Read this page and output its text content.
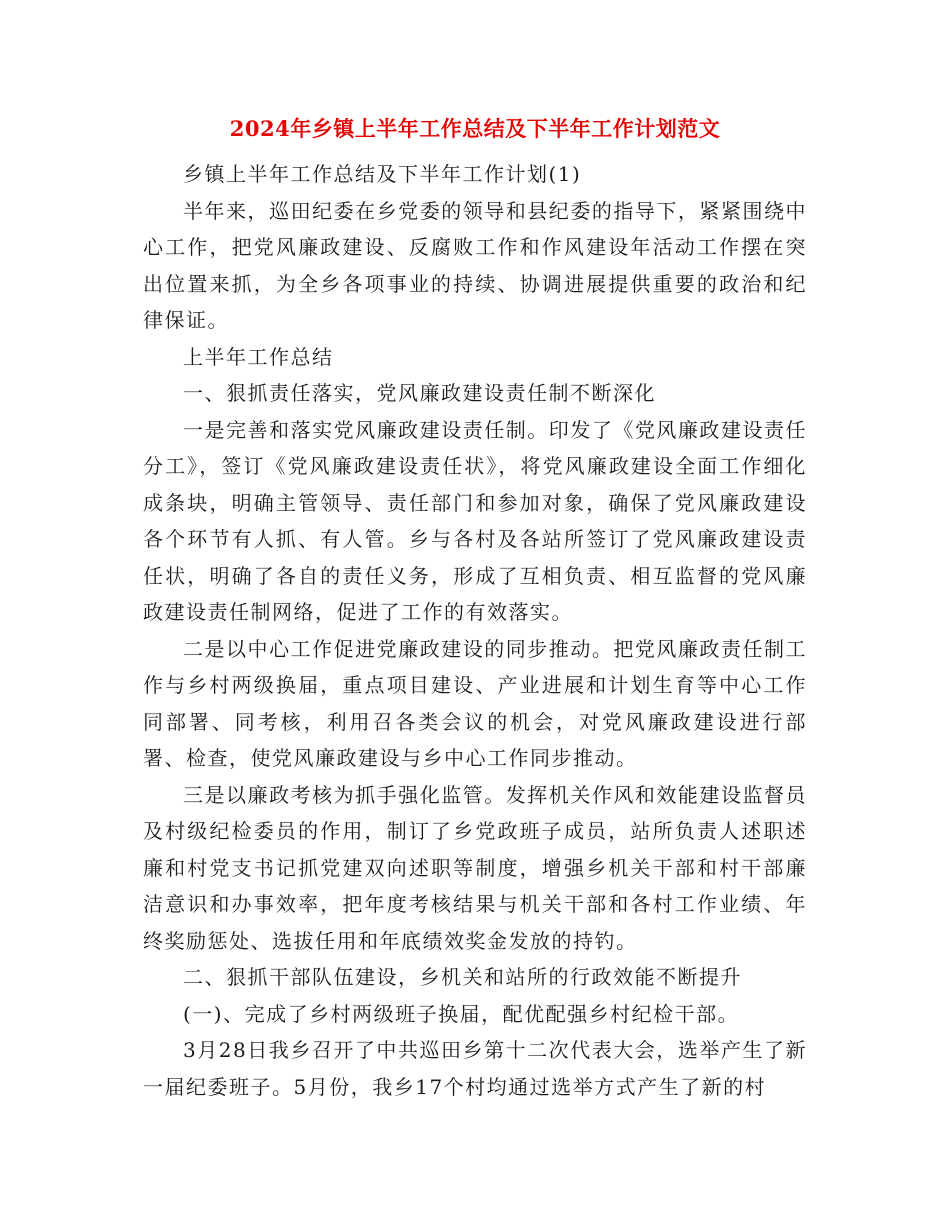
2024年乡镇上半年工作总结及下半年工作计划范文

乡镇上半年工作总结及下半年工作计划(1)

半年来，巡田纪委在乡党委的领导和县纪委的指导下，紧紧围绕中心工作，把党风廉政建设、反腐败工作和作风建设年活动工作摆在突出位置来抓，为全乡各项事业的持续、协调进展提供重要的政治和纪律保证。

上半年工作总结

一、狠抓责任落实，党风廉政建设责任制不断深化

一是完善和落实党风廉政建设责任制。印发了《党风廉政建设责任分工》，签订《党风廉政建设责任状》，将党风廉政建设全面工作细化成条块，明确主管领导、责任部门和参加对象，确保了党风廉政建设各个环节有人抓、有人管。乡与各村及各站所签订了党风廉政建设责任状，明确了各自的责任义务，形成了互相负责、相互监督的党风廉政建设责任制网络，促进了工作的有效落实。

二是以中心工作促进党廉政建设的同步推动。把党风廉政责任制工作与乡村两级换届，重点项目建设、产业进展和计划生育等中心工作同部署、同考核，利用召各类会议的机会，对党风廉政建设进行部署、检查，使党风廉政建设与乡中心工作同步推动。

三是以廉政考核为抓手强化监管。发挥机关作风和效能建设监督员及村级纪检委员的作用，制订了乡党政班子成员，站所负责人述职述廉和村党支书记抓党建双向述职等制度，增强乡机关干部和村干部廉洁意识和办事效率，把年度考核结果与机关干部和各村工作业绩、年终奖励惩处、选拔任用和年底绩效奖金发放的持钓。

二、狠抓干部队伍建设，乡机关和站所的行政效能不断提升

(一)、完成了乡村两级班子换届，配优配强乡村纪检干部。

3月28日我乡召开了中共巡田乡第十二次代表大会，选举产生了新一届纪委班子。5月份，我乡17个村均通过选举方式产生了新的村
